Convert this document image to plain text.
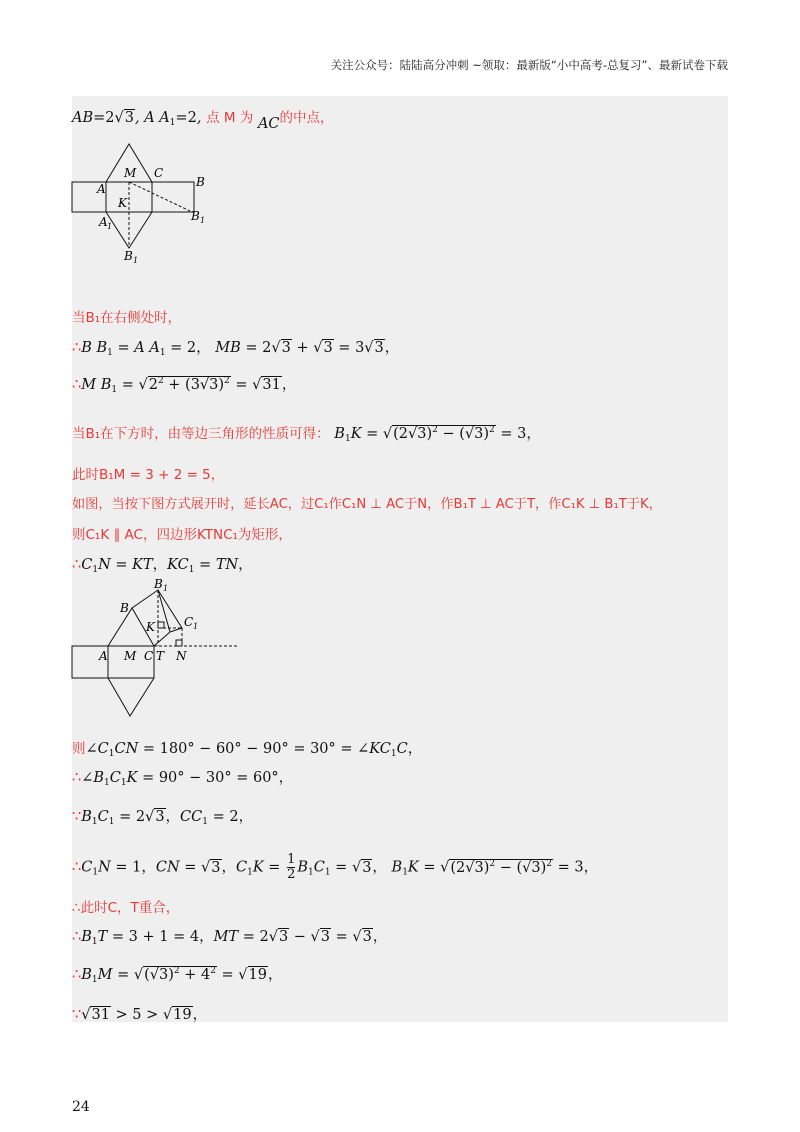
关注公众号：陆陆高分冲刺 ~领取：最新版“小中高考-总复习”、最新试卷下载
AB=2√3, A $A_1=2$, 点 M 为 AC的中点，
M C
B
A
K
A 1
B 1
B 1
当B₁在右侧处时，
∴B $B_1 = A$ $A_1 = 2$， MB = 2√3 + √3 = 3√3，
∴M $B_1 = √2^2 + (3√3)^2 = √31$，
当B₁在下方时，由等边三角形的性质可得： $B_1K = √(2√3)^2 - (√3)^2 = 3$，
此时B₁M = 3 + 2 = 5，
如图，当按下图方式展开时，延长AC，过C₁作C₁N ⊥ AC于N，作B₁T ⊥ AC于T，作C₁K ⊥ B₁T于K，
则C₁K ∥ AC，四边形KTNC₁为矩形，
$\therefore C_1N$ = KT，$KC_1$ = TN，
B 1
B
C 1
K
A M C T N
则$\angle C_1CN = 180^\circ - 60^\circ - 90^\circ = 30^\circ$ = $\angle KC_1C$，
$\therefore\angle B_1C_1K = 90^\circ - 30^\circ = 60^\circ$，
$\because B_1C_1 = 2√3$，$CC_1 = 2$，
$\therefore C_1N = 1$，CN = √3，$C_1K = \frac{1}{2} B_1C_1 = √3$， $B_1K = √(2√3)^2 - (√3)^2 = 3$，
∴此时C，T重合，
$\therefore B_1T = 3 + 1 = 4$，MT = 2√3 − √3 = √3，
$\therefore B_1M = √(√3)^2 + 4^2 = √19$，
∵√31 > 5 > √19，
24
